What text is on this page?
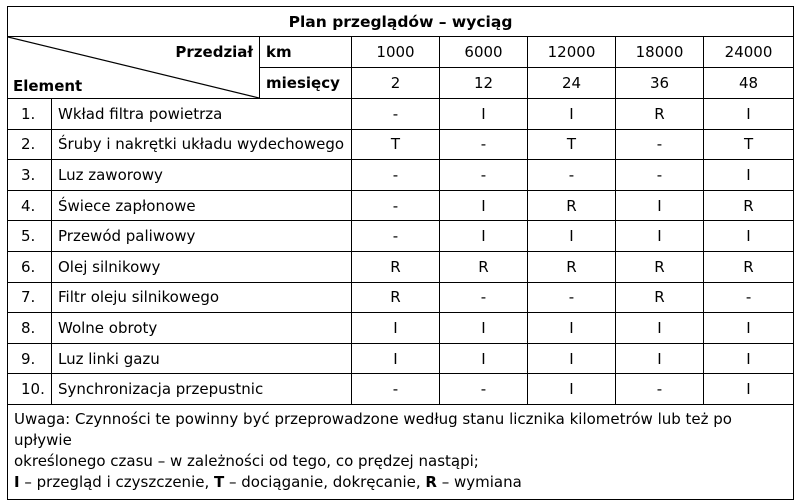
Plan przeglądów – wyciąg							

Przedział
Element		km	1000	6000	12000	18000	24000
		miesięcy	2	12	24	36	48
1.	Wkład filtra powietrza		-	I	I	R	I
2.	Śruby i nakrętki układu wydechowego		T	-	T	-	T
3.	Luz zaworowy		-	-	-	-	I
4.	Świece zapłonowe		-	I	R	I	R
5.	Przewód paliwowy		-	I	I	I	I
6.	Olej silnikowy		R	R	R	R	R
7.	Filtr oleju silnikowego		R	-	-	R	-
8.	Wolne obroty		I	I	I	I	I
9.	Luz linki gazu		I	I	I	I	I
10.	Synchronizacja przepustnic		-	-	I	-	I
Uwaga: Czynności te powinny być przeprowadzone według stanu licznika kilometrów lub też po upływie
określonego czasu – w zależności od tego, co prędzej nastąpi;
I – przegląd i czyszczenie, T – dociąganie, dokręcanie, R – wymiana							
